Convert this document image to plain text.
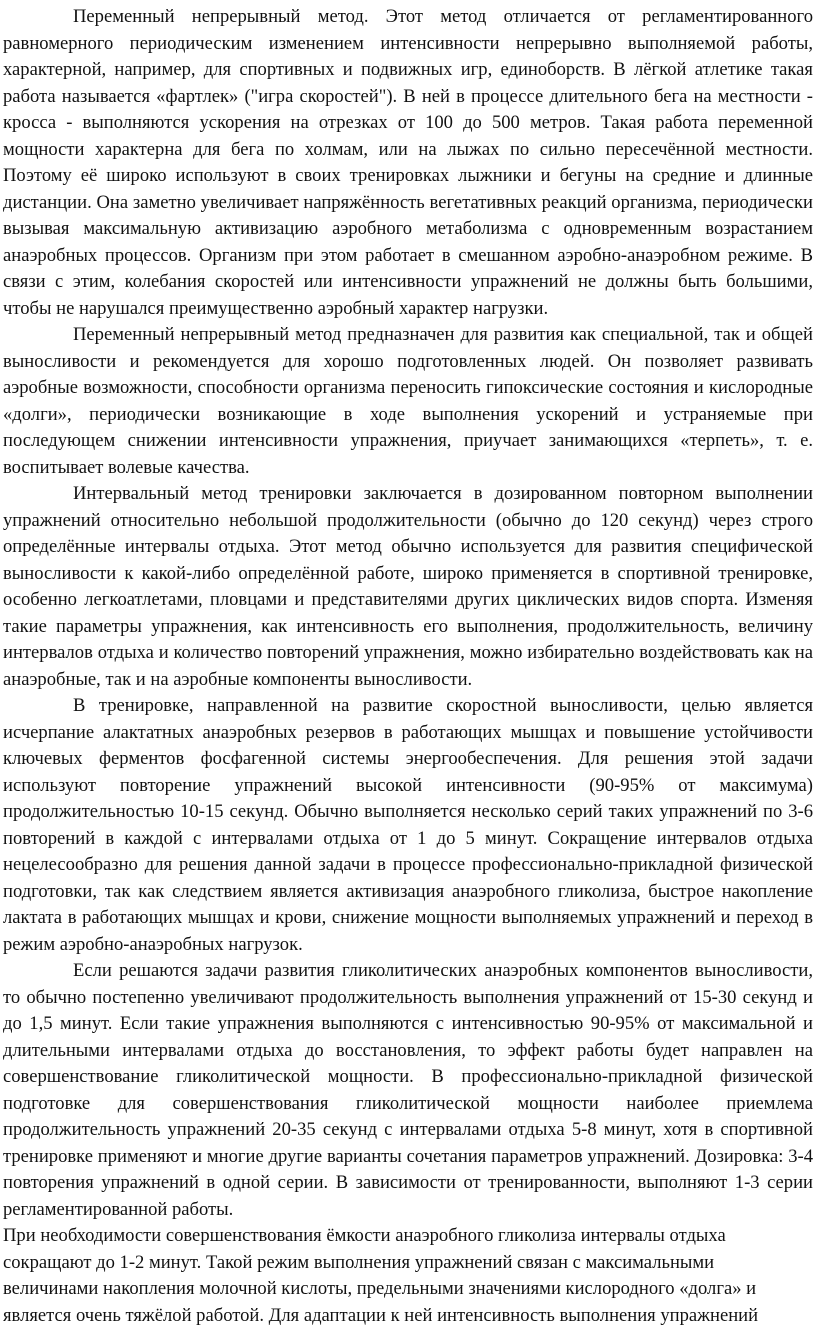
Переменный непрерывный метод. Этот метод отличается от регламентированного равномерного периодическим изменением интенсивности непрерывно выполняемой работы, характерной, например, для спортивных и подвижных игр, единоборств. В лёгкой атлетике такая работа называется «фартлек» ("игра скоростей"). В ней в процессе длительного бега на местности - кросса - выполняются ускорения на отрезках от 100 до 500 метров. Такая работа переменной мощности характерна для бега по холмам, или на лыжах по сильно пересечённой местности. Поэтому её широко используют в своих тренировках лыжники и бегуны на средние и длинные дистанции. Она заметно увеличивает напряжённость вегетативных реакций организма, периодически вызывая максимальную активизацию аэробного метаболизма с одновременным возрастанием анаэробных процессов. Организм при этом работает в смешанном аэробно-анаэробном режиме. В связи с этим, колебания скоростей или интенсивности упражнений не должны быть большими, чтобы не нарушался преимущественно аэробный характер нагрузки.

Переменный непрерывный метод предназначен для развития как специальной, так и общей выносливости и рекомендуется для хорошо подготовленных людей. Он позволяет развивать аэробные возможности, способности организма переносить гипоксические состояния и кислородные «долги», периодически возникающие в ходе выполнения ускорений и устраняемые при последующем снижении интенсивности упражнения, приучает занимающихся «терпеть», т. е. воспитывает волевые качества.

Интервальный метод тренировки заключается в дозированном повторном выполнении упражнений относительно небольшой продолжительности (обычно до 120 секунд) через строго определённые интервалы отдыха. Этот метод обычно используется для развития специфической выносливости к какой-либо определённой работе, широко применяется в спортивной тренировке, особенно легкоатлетами, пловцами и представителями других циклических видов спорта. Изменяя такие параметры упражнения, как интенсивность его выполнения, продолжительность, величину интервалов отдыха и количество повторений упражнения, можно избирательно воздействовать как на анаэробные, так и на аэробные компоненты выносливости.

В тренировке, направленной на развитие скоростной выносливости, целью является исчерпание алактатных анаэробных резервов в работающих мышцах и повышение устойчивости ключевых ферментов фосфагенной системы энергообеспечения. Для решения этой задачи используют повторение упражнений высокой интенсивности (90-95% от максимума) продолжительностью 10-15 секунд. Обычно выполняется несколько серий таких упражнений по 3-6 повторений в каждой с интервалами отдыха от 1 до 5 минут. Сокращение интервалов отдыха нецелесообразно для решения данной задачи в процессе профессионально-прикладной физической подготовки, так как следствием является активизация анаэробного гликолиза, быстрое накопление лактата в работающих мышцах и крови, снижение мощности выполняемых упражнений и переход в режим аэробно-анаэробных нагрузок.

Если решаются задачи развития гликолитических анаэробных компонентов выносливости, то обычно постепенно увеличивают продолжительность выполнения упражнений от 15-30 секунд и до 1,5 минут. Если такие упражнения выполняются с интенсивностью 90-95% от максимальной и длительными интервалами отдыха до восстановления, то эффект работы будет направлен на совершенствование гликолитической мощности. В профессионально-прикладной физической подготовке для совершенствования гликолитической мощности наиболее приемлема продолжительность упражнений 20-35 секунд с интервалами отдыха 5-8 минут, хотя в спортивной тренировке применяют и многие другие варианты сочетания параметров упражнений. Дозировка: 3-4 повторения упражнений в одной серии. В зависимости от тренированности, выполняют 1-3 серии регламентированной работы.

При необходимости совершенствования ёмкости анаэробного гликолиза интервалы отдыха сокращают до 1-2 минут. Такой режим выполнения упражнений связан с максимальными величинами накопления молочной кислоты, предельными значениями кислородного «долга» и является очень тяжёлой работой. Для адаптации к ней интенсивность выполнения упражнений
